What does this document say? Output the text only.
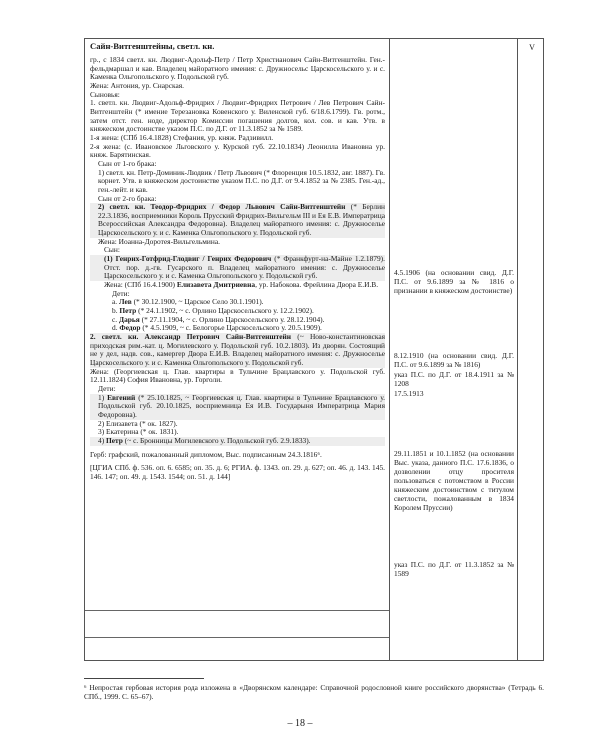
Сайн-Витгенштейны, светл. кн.

гр., с 1834 светл. кн. Людвиг-Адольф-Петр / Петр Христианович Сайн-Витгенштейн. Ген.-фельдмаршал и кав. Владелец майоратного имения: с. Дружносельс Царскосельского у. и с. Каменка Ольгопольского у. Подольской губ.

Жена: Антония, ур. Снарская.

Сыновья:

1. светл. кн. Людвиг-Адольф-Фридрих / Людвиг-Фридрих Петрович / Лев Петрович Сайн-Витгенштейн (* имение Терезановка Ковенского у. Виленской губ. 6/18.6.1799). Гв. ротм., затем отст. ген. ноде, директор Комиссии погашения долгов, кол. сов. и кав. Утв. в княжеском достоинстве указом П.С. по Д.Г. от 11.3.1852 за № 1589.

1-я жена: (СПб 16.4.1828) Стефания, ур. княж. Радзивилл.

2-я жена: (с. Ивановское Льговского у. Курской губ. 22.10.1834) Леонилла Ивановна ур. княж. Барятинская.

Сын от 1-го брака:

1) светл. кн. Петр-Доминик-Людвик / Петр Львович (* Флоренция 10.5.1832, авг. 1887). Гв. корнет. Утв. в княжеском достоинстве указом П.С. по Д.Г. от 9.4.1852 за № 2385. Ген.-ад., ген.-лейт. и кав.

Сын от 2-го брака:

2) светл. кн. Теодор-Фридрих / Федор Львович Сайн-Витгенштейн (* Берлин 22.3.1836, восприемники Король Прусский Фридрих-Вильгельм III и Ея Е.В. Императрица Всероссийская Александра Федоровна). Владелец майоратного имения: с. Дружноселье Царскосельского у. и с. Каменка Ольгопольского у. Подольской губ.

Жена: Иоанна-Доротея-Вильгельмина.

Сын:

(1) Генрих-Готфрид-Глодвиг / Генрих Федорович (* Франкфурт-на-Майне 1.2.1879). Отст. пор. д.-гв. Гусарского п. Владелец майоратного имения: с. Дружноселье Царскосельского у. и с. Каменка Ольгопольского у. Подольской губ.

Жена: (СПб 16.4.1900) Елизавета Дмитриевна, ур. Набокова. Фрейлина Двора Е.И.В.

Дети:

а. Лев (* 30.12.1900, ~ Царское Село 30.1.1901).

b. Петр (* 24.1.1902, ~ с. Орлино Царскосельского у. 12.2.1902).

c. Дарья (* 27.11.1904, ~ с. Орлино Царскосельского у. 28.12.1904).

d. Федор (* 4.5.1909, ~ с. Белогорье Царскосельского у. 20.5.1909).

2. светл. кн. Александр Петрович Сайн-Витгенштейн (~ Ново-константиновская приходская рим.-кат. ц. Могилевского у. Подольской губ. 10.2.1803). Из дворян. Состоящий не у дел, надв. сов., камергер Двора Е.И.В. Владелец майоратного имения: с. Дружноселье Царскосельского у. и с. Каменка Ольгопольского у. Подольской губ.

Жена: (Георгиевская ц. Глав. квартиры в Тульчине Брацлавского у. Подольской губ. 12.11.1824) София Ивановна, ур. Горголи.

Дети:

1) Евгений (* 25.10.1825, ~ Георгиевская ц. Глав. квартиры в Тульчине Брацлавского у. Подольской губ. 20.10.1825, восприемница Ея И.В. Государыня Императрица Мария Федоровна).

2) Елизавета (* ок. 1827).

3) Екатерина (* ок. 1831).

4) Петр (~ с. Бронницы Могилевского у. Подольской губ. 2.9.1833).

Герб: графский, пожалованный дипломом, Выс. подписанным 24.3.1816⁶.

[ЦГИА СПб. ф. 536. оп. 6. 6585; оп. 35. д. 6; РГИА. ф. 1343. оп. 29. д. 627; оп. 46. д. 143. 145. 146. 147; оп. 49. д. 1543. 1544; оп. 51. д. 144]

4.5.1906 (на основании свид. Д.Г. П.С. от 9.6.1899 за № 1816 о признании в княжеском достоинстве)

8.12.1910 (на основании свид. Д.Г. П.С. от 9.6.1899 за № 1816)

указ П.С. по Д.Г. от 18.4.1911 за № 1208

17.5.1913

29.11.1851 и 10.1.1852 (на основании Выс. указа, данного П.С. 17.6.1836, о дозволении отцу просителя пользоваться с потомством в России княжеским достоинством с титулом светлости, пожалованным в 1834 Королем Пруссии)

указ П.С. по Д.Г. от 11.3.1852 за № 1589

V
⁶ Непростая гербовая история рода изложена в «Дворянском календаре: Справочной родословной книге российского дворянства» (Тетрадь 6. СПб., 1999. С. 65–67).
– 18 –
